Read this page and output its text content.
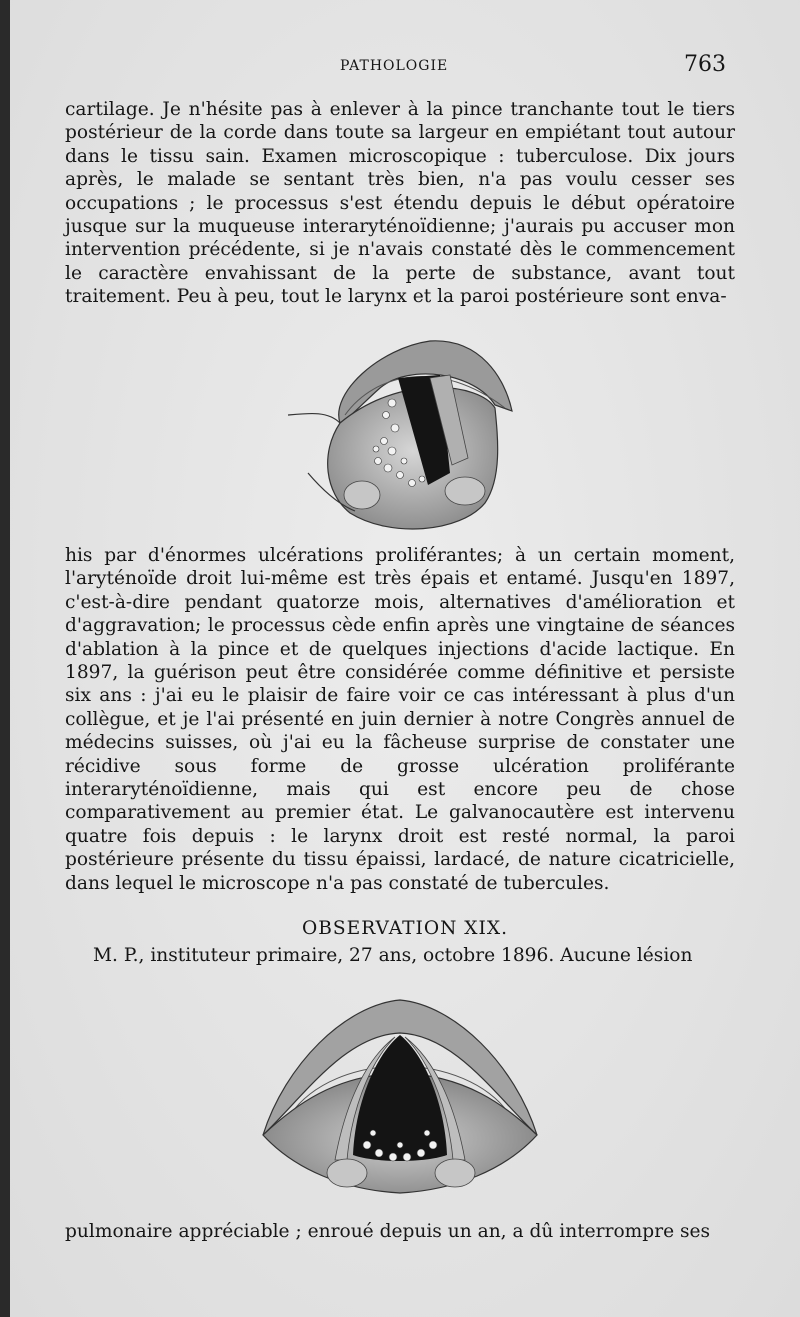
PATHOLOGIE	763

cartilage. Je n'hésite pas à enlever à la pince tranchante tout le tiers postérieur de la corde dans toute sa largeur en empiétant tout autour dans le tissu sain. Examen microscopique : tuberculose. Dix jours après, le malade se sentant très bien, n'a pas voulu cesser ses occupations ; le processus s'est étendu depuis le début opératoire jusque sur la muqueuse interaryténoïdienne; j'aurais pu accuser mon intervention précédente, si je n'avais constaté dès le commencement le caractère envahissant de la perte de substance, avant tout traitement. Peu à peu, tout le larynx et la paroi postérieure sont enva-

his par d'énormes ulcérations proliférantes; à un certain moment, l'aryténoïde droit lui-même est très épais et entamé. Jusqu'en 1897, c'est-à-dire pendant quatorze mois, alternatives d'amélioration et d'aggravation; le processus cède enfin après une vingtaine de séances d'ablation à la pince et de quelques injections d'acide lactique. En 1897, la guérison peut être considérée comme définitive et persiste six ans : j'ai eu le plaisir de faire voir ce cas intéressant à plus d'un collègue, et je l'ai présenté en juin dernier à notre Congrès annuel de médecins suisses, où j'ai eu la fâcheuse surprise de constater une récidive sous forme de grosse ulcération proliférante interaryténoïdienne, mais qui est encore peu de chose comparativement au premier état. Le galvanocautère est intervenu quatre fois depuis : le larynx droit est resté normal, la paroi postérieure présente du tissu épaissi, lardacé, de nature cicatricielle, dans lequel le microscope n'a pas constaté de tubercules.

OBSERVATION XIX.

M. P., instituteur primaire, 27 ans, octobre 1896. Aucune lésion

pulmonaire appréciable ; enroué depuis un an, a dû interrompre ses
